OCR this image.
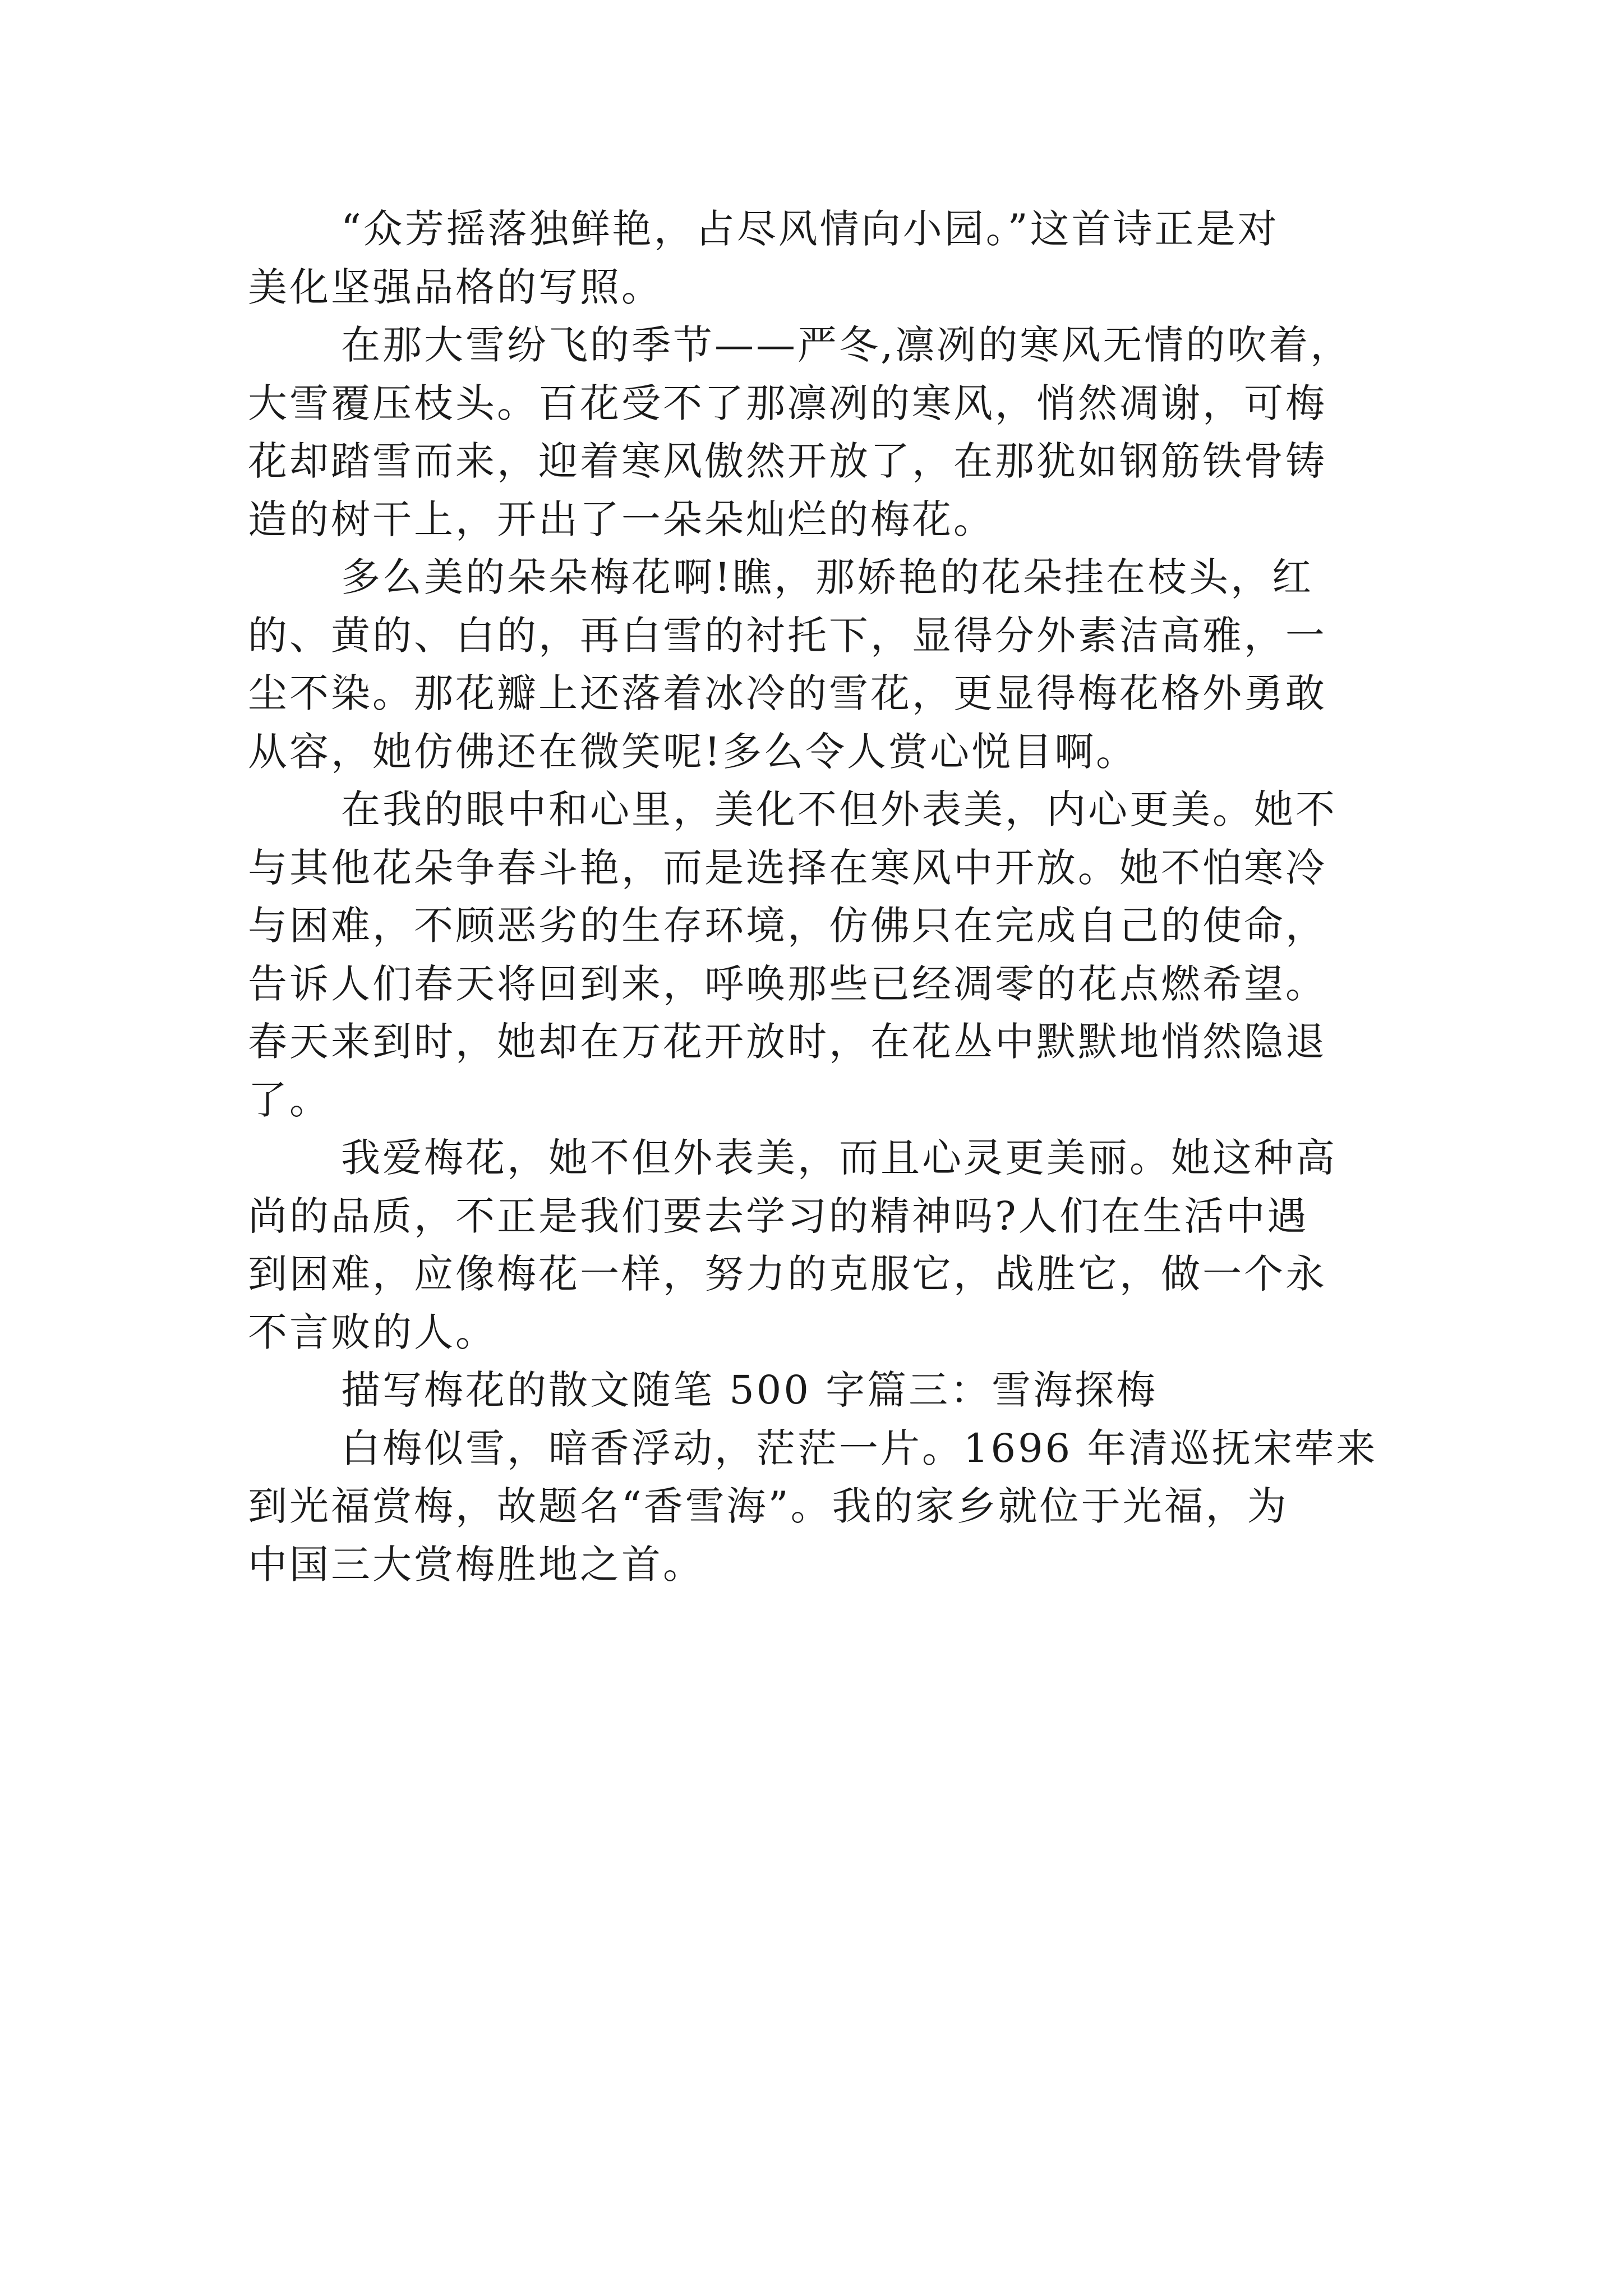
“众芳摇落独鲜艳，占尽风情向小园。”这首诗正是对
美化坚强品格的写照。
在那大雪纷飞的季节——严冬,凛冽的寒风无情的吹着，
大雪覆压枝头。百花受不了那凛冽的寒风，悄然凋谢，可梅
花却踏雪而来，迎着寒风傲然开放了，在那犹如钢筋铁骨铸
造的树干上，开出了一朵朵灿烂的梅花。
多么美的朵朵梅花啊!瞧，那娇艳的花朵挂在枝头，红
的、黄的、白的，再白雪的衬托下，显得分外素洁高雅，一
尘不染。那花瓣上还落着冰冷的雪花，更显得梅花格外勇敢
从容，她仿佛还在微笑呢!多么令人赏心悦目啊。
在我的眼中和心里，美化不但外表美，内心更美。她不
与其他花朵争春斗艳，而是选择在寒风中开放。她不怕寒冷
与困难，不顾恶劣的生存环境，仿佛只在完成自己的使命，
告诉人们春天将回到来，呼唤那些已经凋零的花点燃希望。
春天来到时，她却在万花开放时，在花丛中默默地悄然隐退
了。
我爱梅花，她不但外表美，而且心灵更美丽。她这种高
尚的品质，不正是我们要去学习的精神吗?人们在生活中遇
到困难，应像梅花一样，努力的克服它，战胜它，做一个永
不言败的人。
描写梅花的散文随笔 500 字篇三：雪海探梅
白梅似雪，暗香浮动，茫茫一片。1696 年清巡抚宋荦来
到光福赏梅，故题名“香雪海”。我的家乡就位于光福，为
中国三大赏梅胜地之首。
